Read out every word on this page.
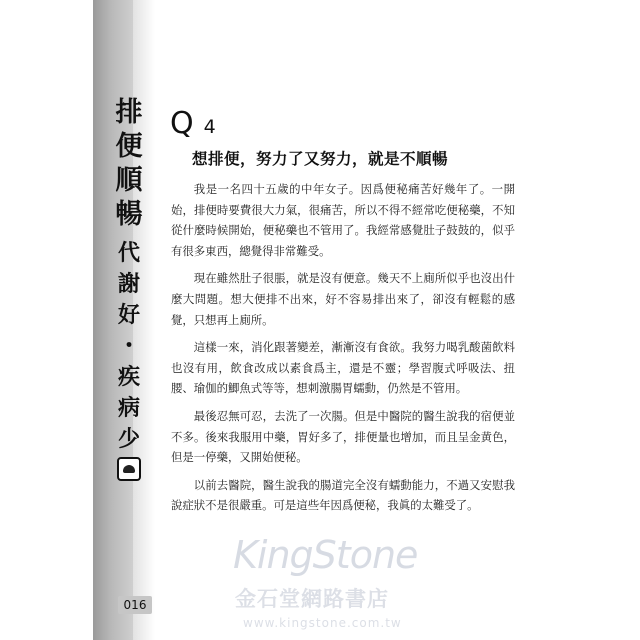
排
便
順
暢
代
謝
好
・
疾
病
少
Q 4
想排便，努力了又努力，就是不順暢

我是一名四十五歲的中年女子。因爲便秘痛苦好幾年了。一開始，排便時要費很大力氣，很痛苦，所以不得不經常吃便秘藥，不知從什麼時候開始，便秘藥也不管用了。我經常感覺肚子鼓鼓的，似乎有很多東西，總覺得非常難受。

現在雖然肚子很脹，就是沒有便意。幾天不上廁所似乎也沒出什麼大問題。想大便排不出來，好不容易排出來了，卻沒有輕鬆的感覺，只想再上廁所。

這樣一來，消化跟著變差，漸漸沒有食欲。我努力喝乳酸菌飲料也沒有用，飲食改成以素食爲主，還是不靈；學習腹式呼吸法、扭腰、瑜伽的鯽魚式等等，想刺激腸胃蠕動，仍然是不管用。

最後忍無可忍，去洗了一次腸。但是中醫院的醫生說我的宿便並不多。後來我服用中藥，胃好多了，排便量也增加，而且呈金黄色，但是一停藥，又開始便秘。

以前去醫院，醫生說我的腸道完全沒有蠕動能力，不過又安慰我說症狀不是很嚴重。可是這些年因爲便秘，我眞的太難受了。

KingStone
金石堂網路書店
www.kingstone.com.tw
016
